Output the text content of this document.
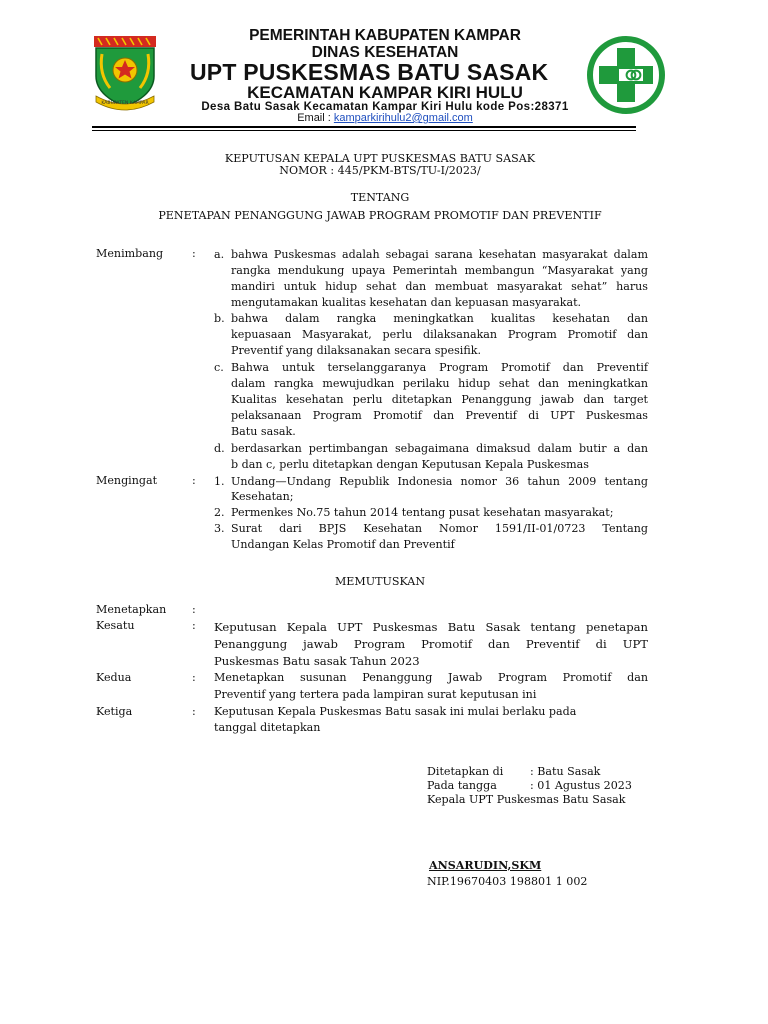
KABUPATEN KAMPAR
PEMERINTAH KABUPATEN KAMPAR
DINAS KESEHATAN
UPT PUSKESMAS BATU SASAK
KECAMATAN KAMPAR KIRI HULU
Desa Batu Sasak Kecamatan Kampar Kiri Hulu kode Pos:28371
Email : kamparkirihulu2@gmail.com
KEPUTUSAN KEPALA UPT PUSKESMAS BATU SASAK
NOMOR : 445/PKM-BTS/TU-I/2023/
TENTANG
PENETAPAN PENANGGUNG JAWAB PROGRAM PROMOTIF DAN PREVENTIF
Menimbang	: a. bahwa Puskesmas adalah sebagai sarana kesehatan masyarakat dalam
rangka mendukung upaya Pemerintah membangun “Masyarakat yang
mandiri untuk hidup sehat dan membuat masyarakat sehat” harus
mengutamakan kualitas kesehatan dan kepuasan masyarakat.
b. bahwa dalam rangka meningkatkan kualitas kesehatan dan
kepuasaan Masyarakat, perlu dilaksanakan Program Promotif dan
Preventif yang dilaksanakan secara spesifik.
c. Bahwa untuk terselanggaranya Program Promotif dan Preventif
dalam rangka mewujudkan perilaku hidup sehat dan meningkatkan
Kualitas kesehatan perlu ditetapkan Penanggung jawab dan target
pelaksanaan Program Promotif dan Preventif di UPT Puskesmas
Batu sasak.
d. berdasarkan pertimbangan sebagaimana dimaksud dalam butir a dan
b dan c, perlu ditetapkan dengan Keputusan Kepala Puskesmas
Mengingat	: 1. Undang—Undang Republik Indonesia nomor 36 tahun 2009 tentang
Kesehatan;
2. Permenkes No.75 tahun 2014 tentang pusat kesehatan masyarakat;
3. Surat dari BPJS Kesehatan Nomor 1591/II-01/0723 Tentang
Undangan Kelas Promotif dan Preventif
MEMUTUSKAN
Menetapkan :
Kesatu	: Keputusan Kepala UPT Puskesmas Batu Sasak tentang penetapan
Penanggung jawab Program Promotif dan Preventif di UPT
Puskesmas Batu sasak Tahun 2023
Kedua	: Menetapkan susunan Penanggung Jawab Program Promotif dan
Preventif yang tertera pada lampiran surat keputusan ini
Ketiga	: Keputusan Kepala Puskesmas Batu sasak ini mulai berlaku pada
tanggal ditetapkan
Ditetapkan di : Batu Sasak
Pada tangga	: 01 Agustus 2023
Kepala UPT Puskesmas Batu Sasak
ANSARUDIN,SKM
NIP.19670403 198801 1 002
